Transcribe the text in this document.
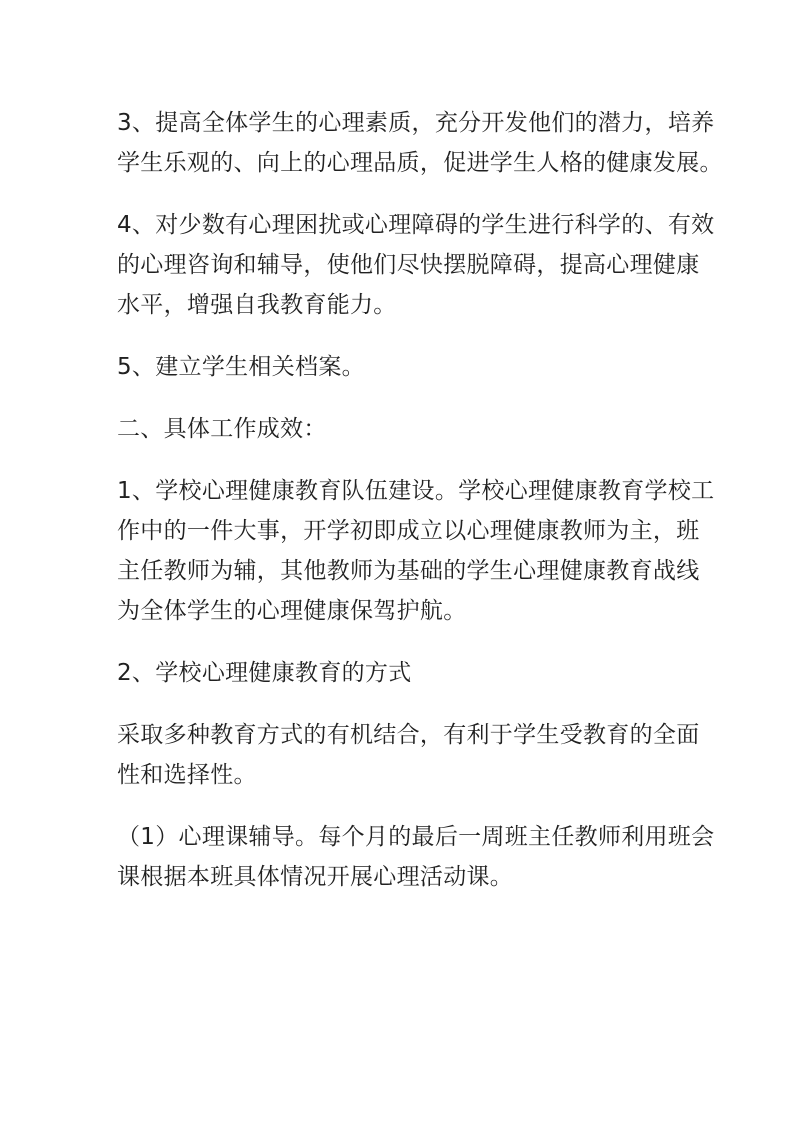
3、提高全体学生的心理素质，充分开发他们的潜力，培养
学生乐观的、向上的心理品质，促进学生人格的健康发展。
4、对少数有心理困扰或心理障碍的学生进行科学的、有效
的心理咨询和辅导，使他们尽快摆脱障碍，提高心理健康
水平，增强自我教育能力。
5、建立学生相关档案。
二、具体工作成效：
1、学校心理健康教育队伍建设。学校心理健康教育学校工
作中的一件大事，开学初即成立以心理健康教师为主，班
主任教师为辅，其他教师为基础的学生心理健康教育战线
为全体学生的心理健康保驾护航。
2、学校心理健康教育的方式
采取多种教育方式的有机结合，有利于学生受教育的全面
性和选择性。
（1）心理课辅导。每个月的最后一周班主任教师利用班会
课根据本班具体情况开展心理活动课。
